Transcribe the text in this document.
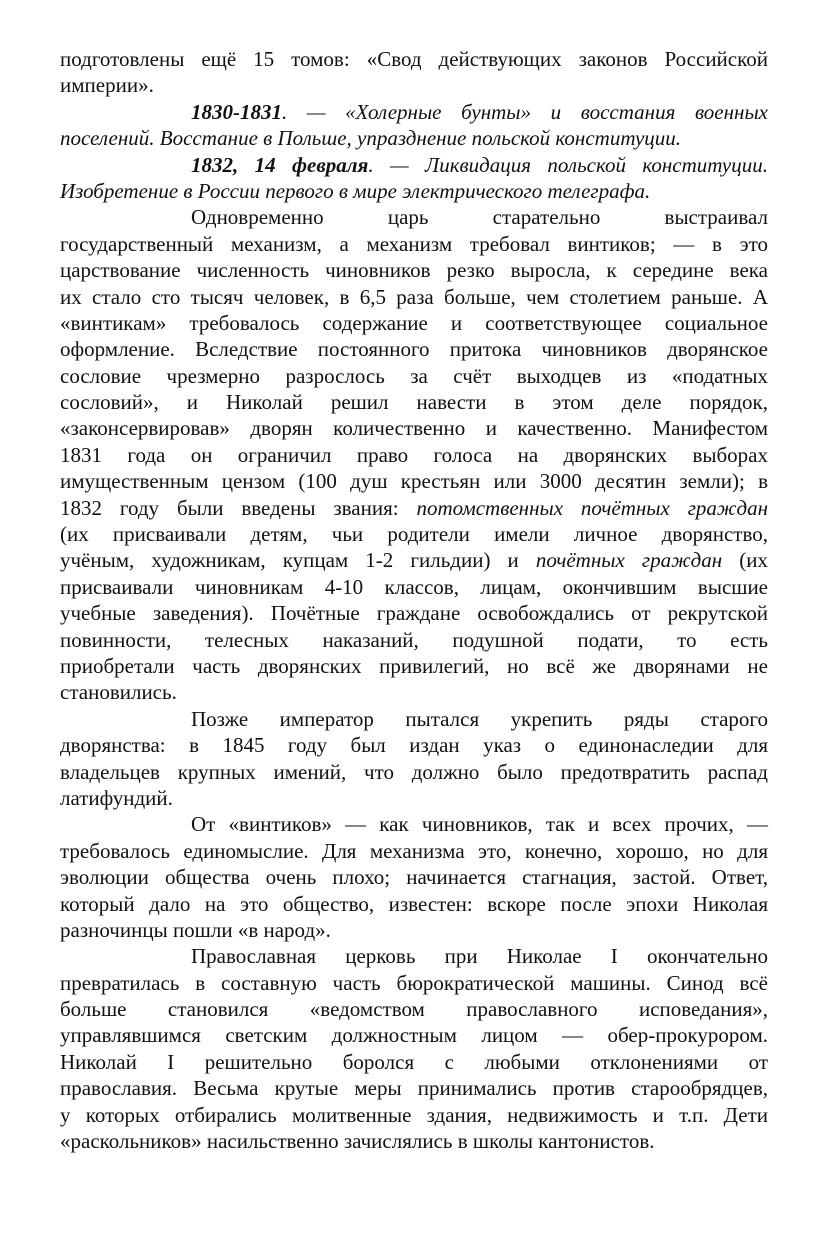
подготовлены ещё 15 томов: «Свод действующих законов Российской
империи».
1830-1831. — «Холерные бунты» и восстания военных
поселений. Восстание в Польше, упразднение польской конституции.
1832, 14 февраля. — Ликвидация польской конституции.
Изобретение в России первого в мире электрического телеграфа.
Одновременно царь старательно выстраивал
государственный механизм, а механизм требовал винтиков; — в это
царствование численность чиновников резко выросла, к середине века
их стало сто тысяч человек, в 6,5 раза больше, чем столетием раньше. А
«винтикам» требовалось содержание и соответствующее социальное
оформление. Вследствие постоянного притока чиновников дворянское
сословие чрезмерно разрослось за счёт выходцев из «податных
сословий», и Николай решил навести в этом деле порядок,
«законсервировав» дворян количественно и качественно. Манифестом
1831 года он ограничил право голоса на дворянских выборах
имущественным цензом (100 душ крестьян или 3000 десятин земли); в
1832 году были введены звания: потомственных почётных граждан
(их присваивали детям, чьи родители имели личное дворянство,
учёным, художникам, купцам 1-2 гильдии) и почётных граждан (их
присваивали чиновникам 4-10 классов, лицам, окончившим высшие
учебные заведения). Почётные граждане освобождались от рекрутской
повинности, телесных наказаний, подушной подати, то есть
приобретали часть дворянских привилегий, но всё же дворянами не
становились.
Позже император пытался укрепить ряды старого
дворянства: в 1845 году был издан указ о единонаследии для
владельцев крупных имений, что должно было предотвратить распад
латифундий.
От «винтиков» — как чиновников, так и всех прочих, —
требовалось единомыслие. Для механизма это, конечно, хорошо, но для
эволюции общества очень плохо; начинается стагнация, застой. Ответ,
который дало на это общество, известен: вскоре после эпохи Николая
разночинцы пошли «в народ».
Православная церковь при Николае I окончательно
превратилась в составную часть бюрократической машины. Синод всё
больше становился «ведомством православного исповедания»,
управлявшимся светским должностным лицом — обер-прокурором.
Николай I решительно боролся с любыми отклонениями от
православия. Весьма крутые меры принимались против старообрядцев,
у которых отбирались молитвенные здания, недвижимость и т.п. Дети
«раскольников» насильственно зачислялись в школы кантонистов.
